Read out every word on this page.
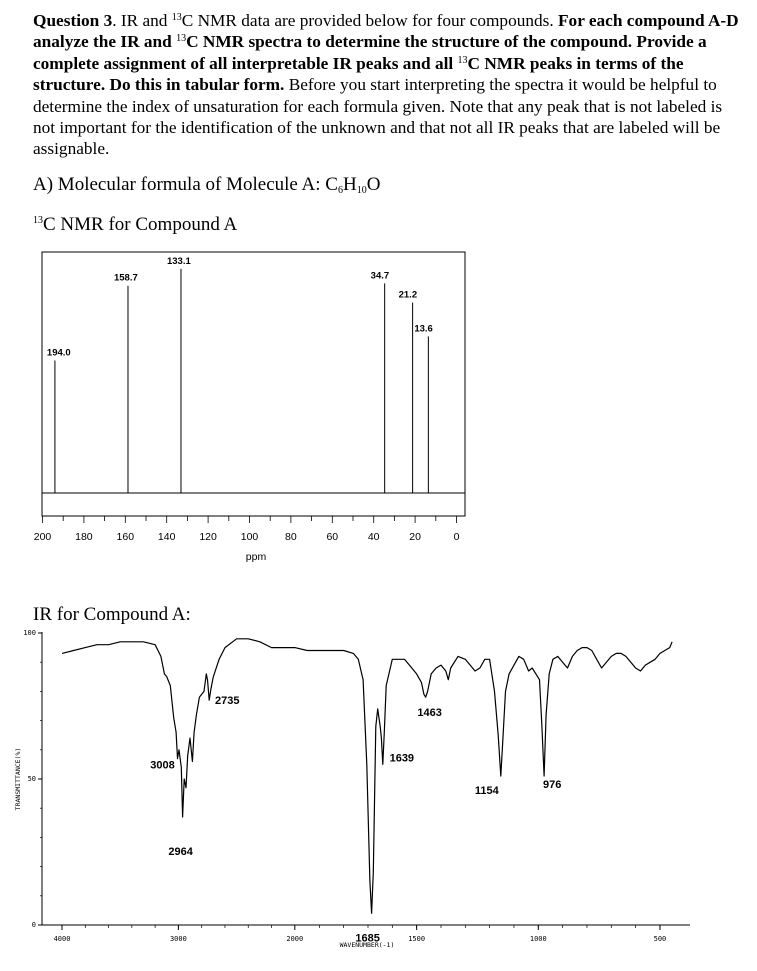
Question 3. IR and $^{13}$C NMR data are provided below for four compounds. For each compound A-D analyze the IR and $^{13}$C NMR spectra to determine the structure of the compound. Provide a complete assignment of all interpretable IR peaks and all $^{13}$C NMR peaks in terms of the structure. Do this in tabular form. Before you start interpreting the spectra it would be helpful to determine the index of unsaturation for each formula given. Note that any peak that is not labeled is not important for the identification of the unknown and that not all IR peaks that are labeled will be assignable.
A) Molecular formula of Molecule A: $C_6H_{10}O$
$^{13}$C NMR for Compound A
IR for Compound A:
194.0
158.7
133.1
34.7
21.2
13.6
200 180 160 140 120 100	80	60	40	20	0
ppm
100
50
0
4000	3000	2000	1500	1000	500
WAVENUMBER(-1)
TRANSMITTANCE(%)	3008
2964
2735
1685
1639
1463
1154	976
